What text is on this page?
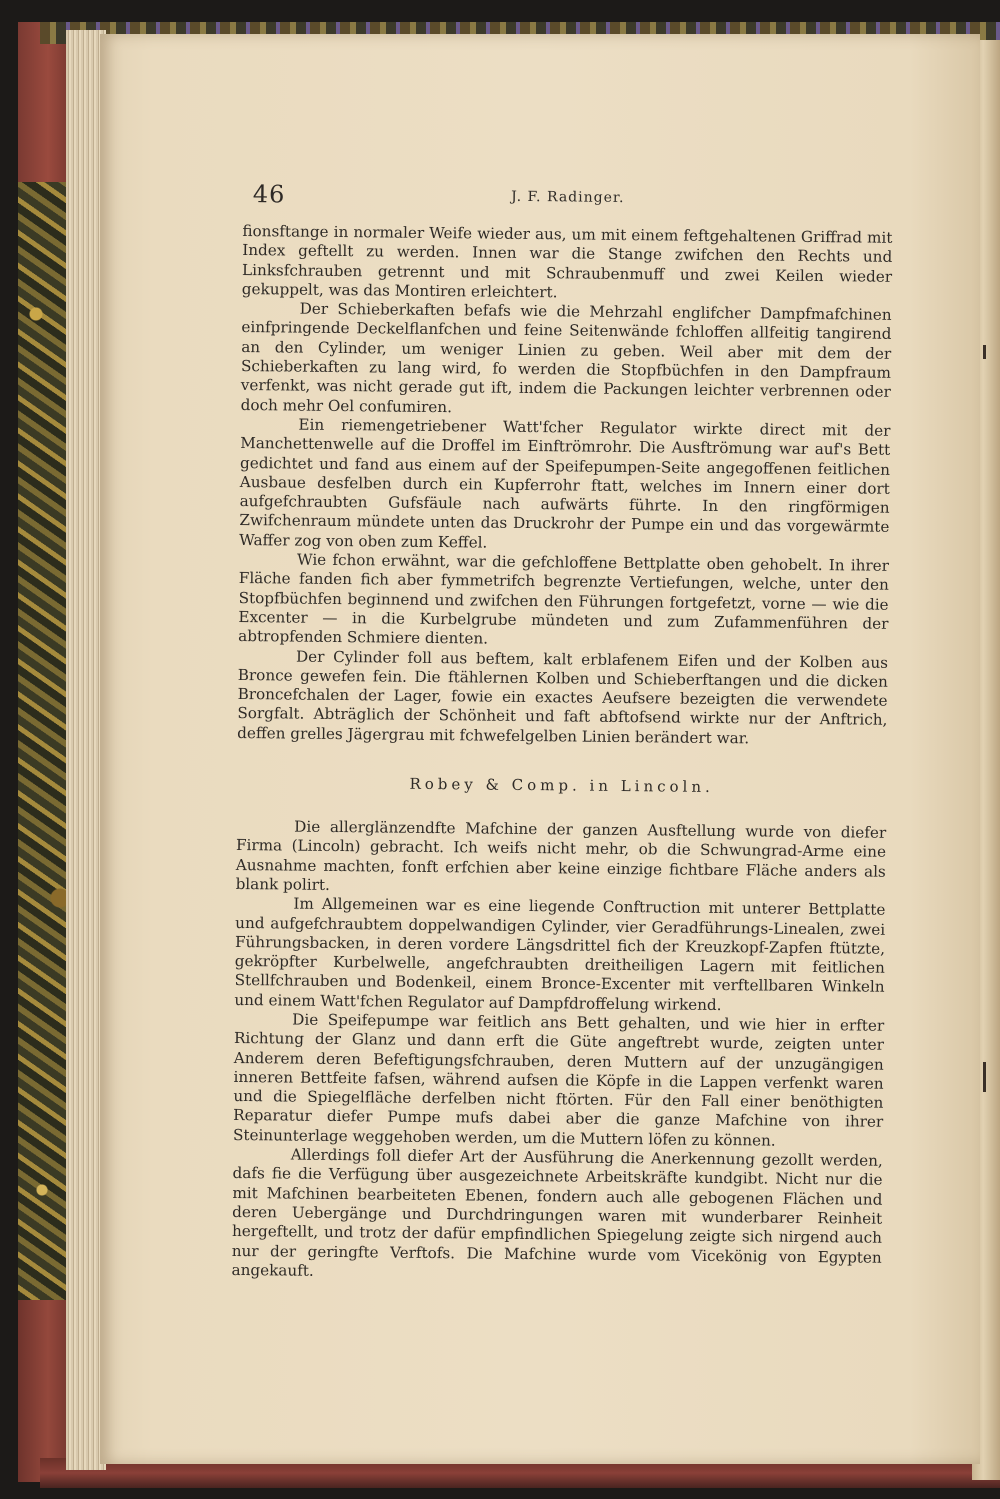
46	J. F. Radinger.

fionsftange in normaler Weife wieder aus, um mit einem feftgehaltenen Griffrad mit Index geftellt zu werden. Innen war die Stange zwifchen den Rechts und Linksfchrauben getrennt und mit Schraubenmuff und zwei Keilen wieder gekuppelt, was das Montiren erleichtert.

Der Schieberkaften befafs wie die Mehrzahl englifcher Dampfmafchinen einfpringende Deckelflanfchen und feine Seitenwände fchloffen allfeitig tangirend an den Cylinder, um weniger Linien zu geben. Weil aber mit dem der Schieberkaften zu lang wird, fo werden die Stopfbüchfen in den Dampfraum verfenkt, was nicht gerade gut ift, indem die Packungen leichter verbrennen oder doch mehr Oel confumiren.

Ein riemengetriebener Watt'fcher Regulator wirkte direct mit der Manchettenwelle auf die Droffel im Einftrömrohr. Die Ausftrömung war auf's Bett gedichtet und fand aus einem auf der Speifepumpen-Seite angegoffenen feitlichen Ausbaue desfelben durch ein Kupferrohr ftatt, welches im Innern einer dort aufgefchraubten Gufsfäule nach aufwärts führte. In den ringförmigen Zwifchenraum mündete unten das Druckrohr der Pumpe ein und das vorgewärmte Waffer zog von oben zum Keffel.

Wie fchon erwähnt, war die gefchloffene Bettplatte oben gehobelt. In ihrer Fläche fanden fich aber fymmetrifch begrenzte Vertiefungen, welche, unter den Stopfbüchfen beginnend und zwifchen den Führungen fortgefetzt, vorne — wie die Excenter — in die Kurbelgrube mündeten und zum Zufammenführen der abtropfenden Schmiere dienten.

Der Cylinder foll aus beftem, kalt erblafenem Eifen und der Kolben aus Bronce gewefen fein. Die ftählernen Kolben und Schieberftangen und die dicken Broncefchalen der Lager, fowie ein exactes Aeufsere bezeigten die verwendete Sorgfalt. Abträglich der Schönheit und faft abftofsend wirkte nur der Anftrich, deffen grelles Jägergrau mit fchwefelgelben Linien berändert war.

Robey & Comp. in Lincoln.

Die allerglänzendfte Mafchine der ganzen Ausftellung wurde von diefer Firma (Lincoln) gebracht. Ich weifs nicht mehr, ob die Schwungrad-Arme eine Ausnahme machten, fonft erfchien aber keine einzige fichtbare Fläche anders als blank polirt.

Im Allgemeinen war es eine liegende Conftruction mit unterer Bettplatte und aufgefchraubtem doppelwandigen Cylinder, vier Geradführungs-Linealen, zwei Führungsbacken, in deren vordere Längsdrittel fich der Kreuzkopf-Zapfen ftützte, gekröpfter Kurbelwelle, angefchraubten dreitheiligen Lagern mit feitlichen Stellfchrauben und Bodenkeil, einem Bronce-Excenter mit verftellbaren Winkeln und einem Watt'fchen Regulator auf Dampfdroffelung wirkend.

Die Speifepumpe war feitlich ans Bett gehalten, und wie hier in erfter Richtung der Glanz und dann erft die Güte angeftrebt wurde, zeigten unter Anderem deren Befeftigungsfchrauben, deren Muttern auf der unzugängigen inneren Bettfeite fafsen, während aufsen die Köpfe in die Lappen verfenkt waren und die Spiegelfläche derfelben nicht ftörten. Für den Fall einer benöthigten Reparatur diefer Pumpe mufs dabei aber die ganze Mafchine von ihrer Steinunterlage weggehoben werden, um die Muttern löfen zu können.

Allerdings foll diefer Art der Ausführung die Anerkennung gezollt werden, dafs fie die Verfügung über ausgezeichnete Arbeitskräfte kundgibt. Nicht nur die mit Mafchinen bearbeiteten Ebenen, fondern auch alle gebogenen Flächen und deren Uebergänge und Durchdringungen waren mit wunderbarer Reinheit hergeftellt, und trotz der dafür empfindlichen Spiegelung zeigte sich nirgend auch nur der geringfte Verftofs. Die Mafchine wurde vom Vicekönig von Egypten angekauft.
